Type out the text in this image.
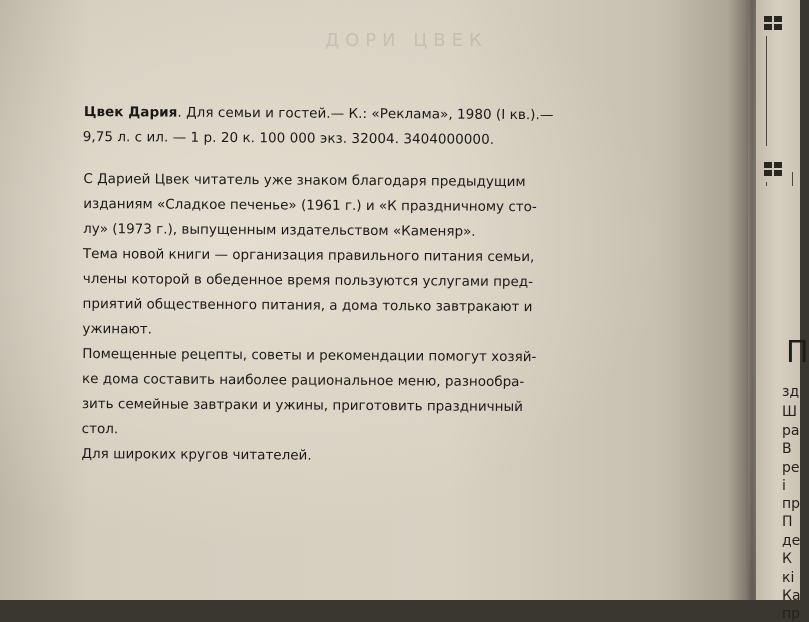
ДОРИ ЦВЕК

Цвек Дария. Для семьи и гостей.— К.: «Реклама», 1980 (I кв.).—
9,75 л. с ил. — 1 р. 20 к. 100 000 экз. 32004. 3404000000.

С Дарией Цвек читатель уже знаком благодаря предыдущим
изданиям «Сладкое печенье» (1961 г.) и «К праздничному сто-
лу» (1973 г.), выпущенным издательством «Каменяр».

Тема новой книги — организация правильного питания семьи,
члены которой в обеденное время пользуются услугами пред-
приятий общественного питания, а дома только завтракают и
ужинают.

Помещенные рецепты, советы и рекомендации помогут хозяй-
ке дома составить наиболее рациональное меню, разнообра-
зить семейные завтраки и ужины, приготовить праздничный
стол.

Для широких кругов читателей.

П
зд
Ш
ра
В
ре
і
пр
П
де
К
кі
Ка
пр
